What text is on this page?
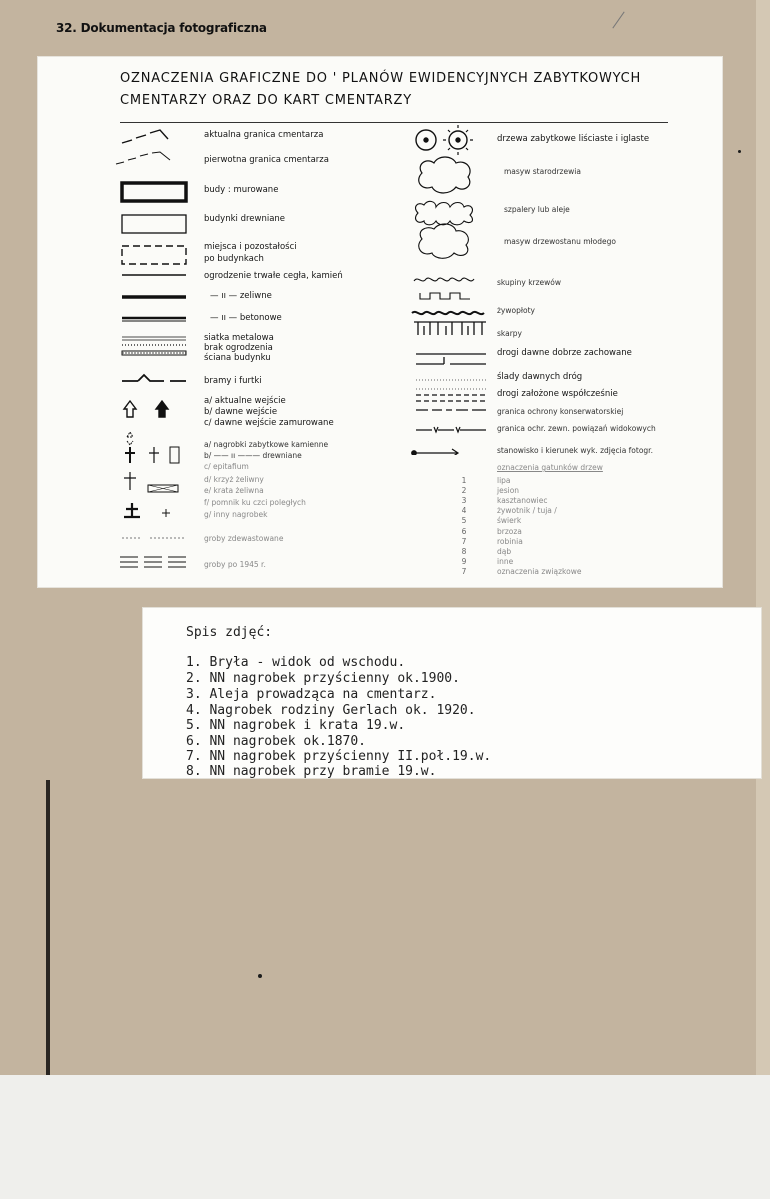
32. Dokumentacja fotograficzna
OZNACZENIA GRAFICZNE DO ' PLANÓW EWIDENCYJNYCH ZABYTKOWYCH
CMENTARZY ORAZ DO KART CMENTARZY
aktualna granica cmentarza
pierwotna granica cmentarza
budy : murowane
budynki drewniane
miejsca i pozostałości
po budynkach
ogrodzenie trwałe cegła, kamień
— ıı — zeliwne
— ıı — betonowe
siatka metalowa
brak ogrodzenia
ściana budynku
bramy i furtki
a/ aktualne wejście
b/ dawne wejście
c/ dawne wejście zamurowane
a/ nagrobki zabytkowe kamienne
b/ —— ıı ——— drewniane
c/ epitafium
d/ krzyż żeliwny
e/ krata żeliwna
f/ pomnik ku czci poległych
g/ inny nagrobek
groby zdewastowane
groby po 1945 r.
drzewa zabytkowe liściaste i iglaste
masyw starodrzewia
szpalery lub aleje
masyw drzewostanu młodego
skupiny krzewów
żywopłoty
skarpy
drogi dawne dobrze zachowane
ślady dawnych dróg
drogi założone współcześnie
granica ochrony konserwatorskiej
granica ochr. zewn. powiązań widokowych
stanowisko i kierunek wyk. zdjęcia fotogr.
oznaczenia gatunków drzew
1	lipa
2	jesion
3	kasztanowiec
4	żywotnik / tuja /
5	świerk
6	brzoza
7	robinia
8	dąb
9	inne
7	oznaczenia związkowe
Spis zdjęć:
1. Bryła - widok od wschodu.
2. NN nagrobek przyścienny ok.1900.
3. Aleja prowadząca na cmentarz.
4. Nagrobek rodziny Gerlach ok. 1920.
5. NN nagrobek i krata 19.w.
6. NN nagrobek ok.1870.
7. NN nagrobek przyścienny II.poł.19.w.
8. NN nagrobek przy bramie 19.w.
